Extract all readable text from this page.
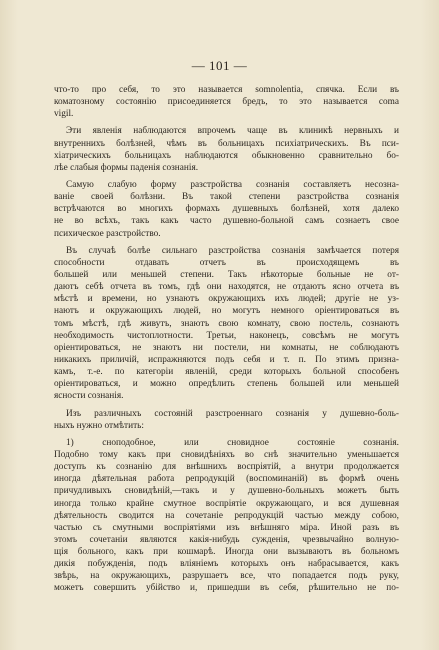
— 101 —
что-то про себя, то это называется somnolentia, спячка. Если въ
коматозному состоянію присоединяется бредъ, то это называется coma
vigil.
Эти явленія наблюдаются впрочемъ чаще въ клиникѣ нервныхъ и
внутреннихъ болѣзней, чѣмъ въ больницахъ психіатрическихъ. Въ пси-
хіатрическихъ больницахъ наблюдаются обыкновенно сравнительно бо-
лѣе слабыя формы паденія сознанія.
Самую слабую форму разстройства сознанія составляетъ несозна-
ваніе своей болѣзни. Въ такой степени разстройства сознанія
встрѣчаются во многихъ формахъ душевныхъ болѣзней, хотя далеко
не во всѣхъ, такъ какъ часто душевно-больной самъ сознаетъ свое
психическое разстройство.
Въ случаѣ болѣе сильнаго разстройства сознанія замѣчается потеря
способности отдавать отчетъ въ происходящемъ въ
большей или меньшей степени. Такъ нѣкоторые больные не от-
даютъ себѣ отчета въ томъ, гдѣ они находятся, не отдаютъ ясно отчета въ
мѣстѣ и времени, но узнаютъ окружающихъ ихъ людей; другіе не уз-
наютъ и окружающихъ людей, но могутъ немного оріентироваться въ
томъ мѣстѣ, гдѣ живутъ, знаютъ свою комнату, свою постель, сознаютъ
необходимость чистоплотности. Третьи, наконецъ, совсѣмъ не могутъ
оріентироваться, не знаютъ ни постели, ни комнаты, не соблюдаютъ
никакихъ приличій, испражняются подъ себя и т. п. По этимъ призна-
камъ, т.-е. по категоріи явленій, среди которыхъ больной способенъ
оріентироваться, и можно опредѣлить степень большей или меньшей
ясности сознанія.
Изъ различныхъ состояній разстроеннаго сознанія у душевно-боль-
ныхъ нужно отмѣтить:
1) сноподобное, или сновидное состояніе сознанія.
Подобно тому какъ при сновидѣніяхъ во снѣ значительно уменьшается
доступъ къ сознанію для внѣшнихъ воспріятій, а внутри продолжается
иногда дѣятельная работа репродукцій (воспоминаній) въ формѣ очень
причудливыхъ сновидѣній,—такъ и у душевно-больныхъ можетъ быть
иногда только крайне смутное воспріятіе окружающаго, и вся душевная
дѣятельность сводится на сочетаніе репродукцій частью между собою,
частью съ смутными воспріятіями изъ внѣшняго міра. Иной разъ въ
этомъ сочетаніи являются какія-нибудь сужденія, чрезвычайно волную-
щія больного, какъ при кошмарѣ. Иногда они вызываютъ въ больномъ
дикія побужденія, подъ вліяніемъ которыхъ онъ набрасывается, какъ
звѣрь, на окружающихъ, разрушаетъ все, что попадается подъ руку,
можетъ совершить убійство и, пришедши въ себя, рѣшительно не по-
